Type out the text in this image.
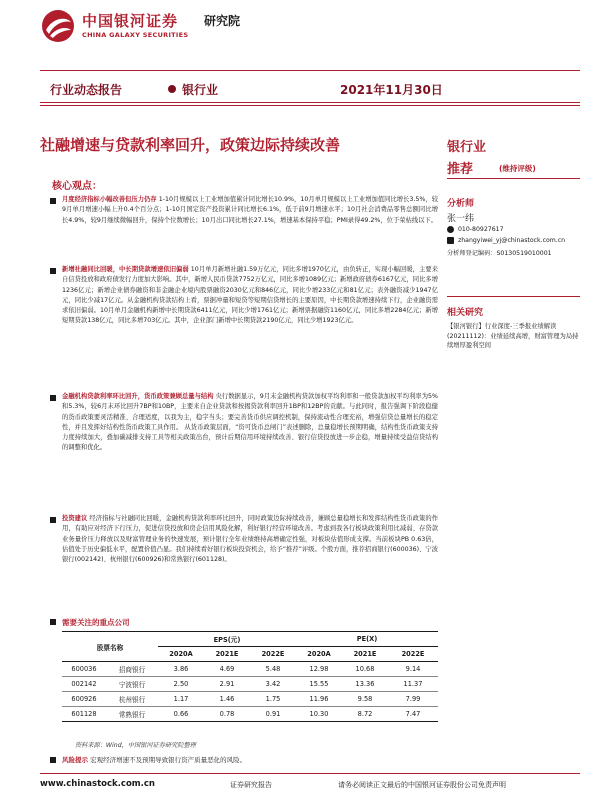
中国银河证券
CHINA GALAXY SECURITIES
研究院
行业动态报告	银行业	2021年11月30日
社融增速与贷款利率回升，政策边际持续改善	银行业
推荐	(维持评级)
分析师
张一纬
010-80927617
zhangyiwei_yj@chinastock.com.cn
分析师登记编码：S0130519010001
相关研究
【银河银行】行业深度-三季报业绩解读(20211112)：业绩延续高增，财富管理为局持续增厚盈利空间
核心观点：
月度经济指标小幅改善但压力仍存 1-10月规模以上工业增加值累计同比增长10.9%，10月单月规模以上工业增加值同比增长3.5%，较9月单月增速小幅上升0.4个百分点；1-10月国定资产投资累计同比增长6.1%，低于前9月增速水平；10月社会消费品零售总额同比增长4.9%，较9月继续微幅回升，保持个位数增长；10月出口同比增长27.1%，增速基本保持平稳；PMI录得49.2%，位于荣枯线以下。
新增社融同比回暖，中长期贷款增速依旧偏弱 10月单月新增社融1.59万亿元，同比多增1970亿元，由负转正，实现小幅回暖，主要来自信贷投放和政府债发行力度加大影响。其中，新增人民币贷款7752万亿元，同比多增1089亿元；新增政府债券6167亿元，同比多增1236亿元；新增企业债券融资和非金融企业境内股票融资2030亿元和846亿元，同比少增233亿元和81亿元；表外融资减少1947亿元，同比少减17亿元。从金融机构贷款结构上看，票据冲量和短贷等短期信贷增长的主要原因，中长期贷款增速持续下行，企业融资需求依旧偏弱。10月单月金融机构新增中长期贷款6411亿元，同比少增1761亿元；新增票据融资1160亿元，同比多增2284亿元；新增短期贷款138亿元，同比多增703亿元。其中，企业部门新增中长期贷款2190亿元，同比少增1923亿元。
金融机构贷款利率环比回升，货币政策兼顾总量与结构 央行数据显示，9月末金融机构贷款加权平均利率和一般贷款加权平均利率为5%和5.3%，较6月末环比回升7BP和10BP，主要来自企业贷款和按揭贷款利率回升1BP和12BP的贡献。与此同时，报告强调下阶段稳健的货币政策要灵活精准、合理适度，以我为主，稳字当头；要完善货币供应调控机制，保持流动性合理充裕，增强信贷总量增长的稳定性，并且发挥好结构性货币政策工具作用。 从货币政策层面，“资可货币总闸门”表述删除，总量稳增长预期明确，结构性货币政策支持力度持续加大，叠加碳减排支持工具等相关政策出台，预计后期信用环境持续改善、银行信贷投放进一步企稳，增量持续受益信贷结构的调整和优化。
投资建议 经济指标与社融同比回暖，金融机构贷款利率环比回升，同时政策边际持续改善，兼顾总量稳增长和发挥结构性货币政策的作用，有助应对经济下行压力，促进信贷投放和房企信用风险化解，利好银行经营环境改善。考虑到我各行板块政策利用比减弱、存贷款业务量价压力释放以及财富管理业务的快速发展，预计银行全年业绩维持高增确定性强，对板块估值形成支撑。当前板块PB 0.63倍，估值处于历史偏低水平，配置价值凸显。我们持续看好银行板块投资机会，给予“推荐”评级。个股方面，推荐招商银行(600036)、宁波银行(002142)、杭州银行(600926)和常熟银行(601128)。
需要关注的重点公司
股票名称		EPS(元)			PE(X)		
		2020A	2021E	2022E	2020A	2021E	2022E
600036	招商银行	3.86	4.69	5.48	12.98	10.68	9.14
002142	宁波银行	2.50	2.91	3.42	15.55	13.36	11.37
600926	杭州银行	1.17	1.46	1.75	11.96	9.58	7.99
601128	常熟银行	0.66	0.78	0.91	10.30	8.72	7.47
资料来源：Wind，中国银河证券研究院整理
风险提示 宏观经济增速不及预期导致银行资产质量恶化的风险。
www.chinastock.com.cn	证券研究报告	请务必阅读正文最后的中国银河证券股份公司免责声明
